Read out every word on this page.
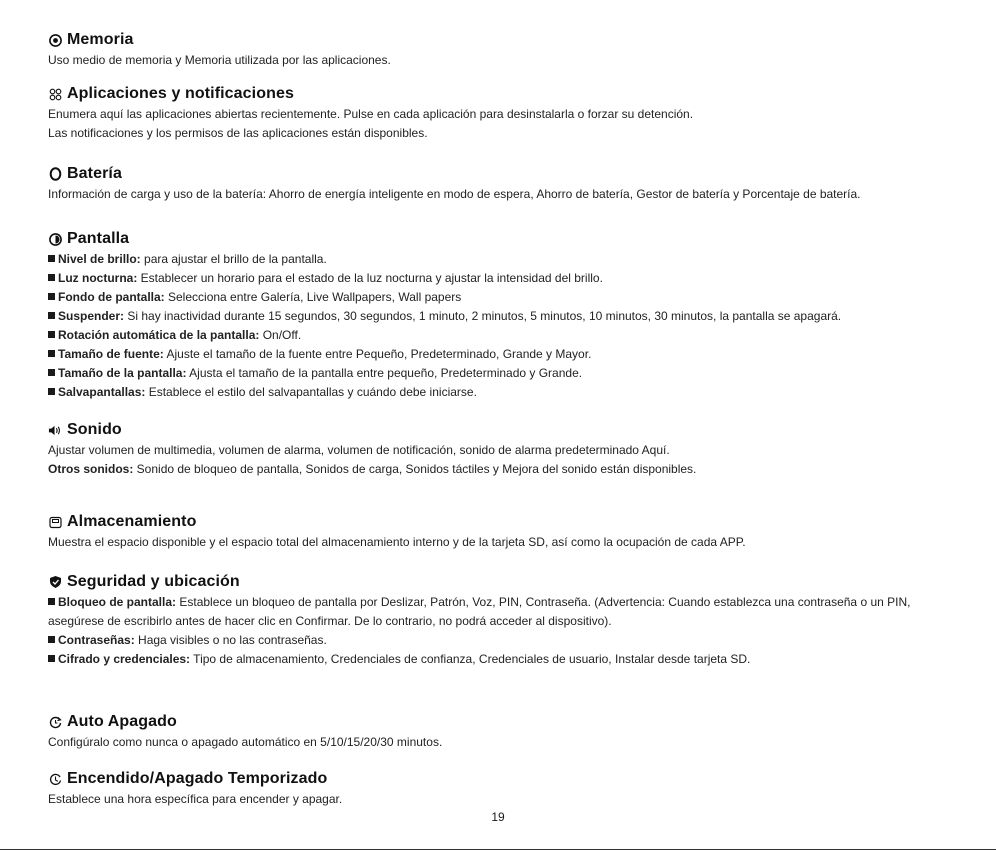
Memoria
Uso medio de memoria y Memoria utilizada por las aplicaciones.
Aplicaciones y notificaciones
Enumera aquí las aplicaciones abiertas recientemente. Pulse en cada aplicación para desinstalarla o forzar su detención.
Las notificaciones y los permisos de las aplicaciones están disponibles.
Batería
Información de carga y uso de la batería: Ahorro de energía inteligente en modo de espera, Ahorro de batería, Gestor de batería y Porcentaje de batería.
Pantalla
Nivel de brillo: para ajustar el brillo de la pantalla.
Luz nocturna: Establecer un horario para el estado de la luz nocturna y ajustar la intensidad del brillo.
Fondo de pantalla: Selecciona entre Galería, Live Wallpapers, Wall papers
Suspender: Si hay inactividad durante 15 segundos, 30 segundos, 1 minuto, 2 minutos, 5 minutos, 10 minutos, 30 minutos, la pantalla se apagará.
Rotación automática de la pantalla: On/Off.
Tamaño de fuente: Ajuste el tamaño de la fuente entre Pequeño, Predeterminado, Grande y Mayor.
Tamaño de la pantalla: Ajusta el tamaño de la pantalla entre pequeño, Predeterminado y Grande.
Salvapantallas: Establece el estilo del salvapantallas y cuándo debe iniciarse.
Sonido
Ajustar volumen de multimedia, volumen de alarma, volumen de notificación, sonido de alarma predeterminado Aquí.
Otros sonidos: Sonido de bloqueo de pantalla, Sonidos de carga, Sonidos táctiles y Mejora del sonido están disponibles.
Almacenamiento
Muestra el espacio disponible y el espacio total del almacenamiento interno y de la tarjeta SD, así como la ocupación de cada APP.
Seguridad y ubicación
Bloqueo de pantalla: Establece un bloqueo de pantalla por Deslizar, Patrón, Voz, PIN, Contraseña. (Advertencia: Cuando establezca una contraseña o un PIN, asegúrese de escribirlo antes de hacer clic en Confirmar. De lo contrario, no podrá acceder al dispositivo).
Contraseñas: Haga visibles o no las contraseñas.
Cifrado y credenciales: Tipo de almacenamiento, Credenciales de confianza, Credenciales de usuario, Instalar desde tarjeta SD.
Auto Apagado
Configúralo como nunca o apagado automático en 5/10/15/20/30 minutos.
Encendido/Apagado Temporizado
Establece una hora específica para encender y apagar.
19
